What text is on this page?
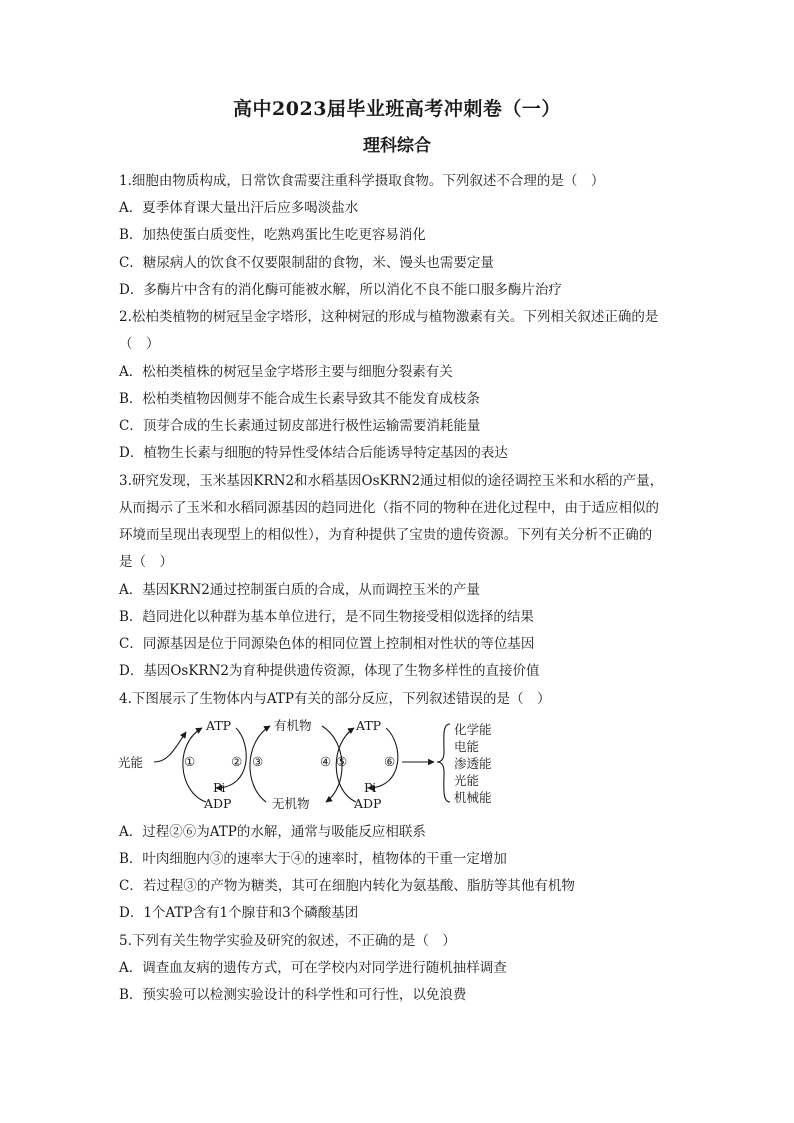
高中2023届毕业班高考冲刺卷（一）
理科综合
1.细胞由物质构成，日常饮食需要注重科学摄取食物。下列叙述不合理的是（　）
A．夏季体育课大量出汗后应多喝淡盐水
B．加热使蛋白质变性，吃熟鸡蛋比生吃更容易消化
C．糖尿病人的饮食不仅要限制甜的食物，米、馒头也需要定量
D．多酶片中含有的消化酶可能被水解，所以消化不良不能口服多酶片治疗
2.松柏类植物的树冠呈金字塔形，这种树冠的形成与植物激素有关。下列相关叙述正确的是
（　）
A．松柏类植株的树冠呈金字塔形主要与细胞分裂素有关
B．松柏类植物因侧芽不能合成生长素导致其不能发育成枝条
C．顶芽合成的生长素通过韧皮部进行极性运输需要消耗能量
D．植物生长素与细胞的特异性受体结合后能诱导特定基因的表达
3.研究发现，玉米基因KRN2和水稻基因OsKRN2通过相似的途径调控玉米和水稻的产量，
从而揭示了玉米和水稻同源基因的趋同进化（指不同的物种在进化过程中，由于适应相似的
环境而呈现出表现型上的相似性），为育种提供了宝贵的遗传资源。下列有关分析不正确的
是（　）
A．基因KRN2通过控制蛋白质的合成，从而调控玉米的产量
B．趋同进化以种群为基本单位进行，是不同生物接受相似选择的结果
C．同源基因是位于同源染色体的相同位置上控制相对性状的等位基因
D．基因OsKRN2为育种提供遗传资源，体现了生物多样性的直接价值
4.下图展示了生物体内与ATP有关的部分反应，下列叙述错误的是（　）
光能
ATP
Pi
ADP
①	②
有机物
无机物
③	④
ATP
Pi
ADP
⑤	⑥
化学能
电能
渗透能
光能
机械能
A．过程②⑥为ATP的水解，通常与吸能反应相联系
B．叶肉细胞内③的速率大于④的速率时，植物体的干重一定增加
C．若过程③的产物为糖类，其可在细胞内转化为氨基酸、脂肪等其他有机物
D．1个ATP含有1个腺苷和3个磷酸基团
5.下列有关生物学实验及研究的叙述，不正确的是（　）
A．调查血友病的遗传方式，可在学校内对同学进行随机抽样调查
B．预实验可以检测实验设计的科学性和可行性，以免浪费
